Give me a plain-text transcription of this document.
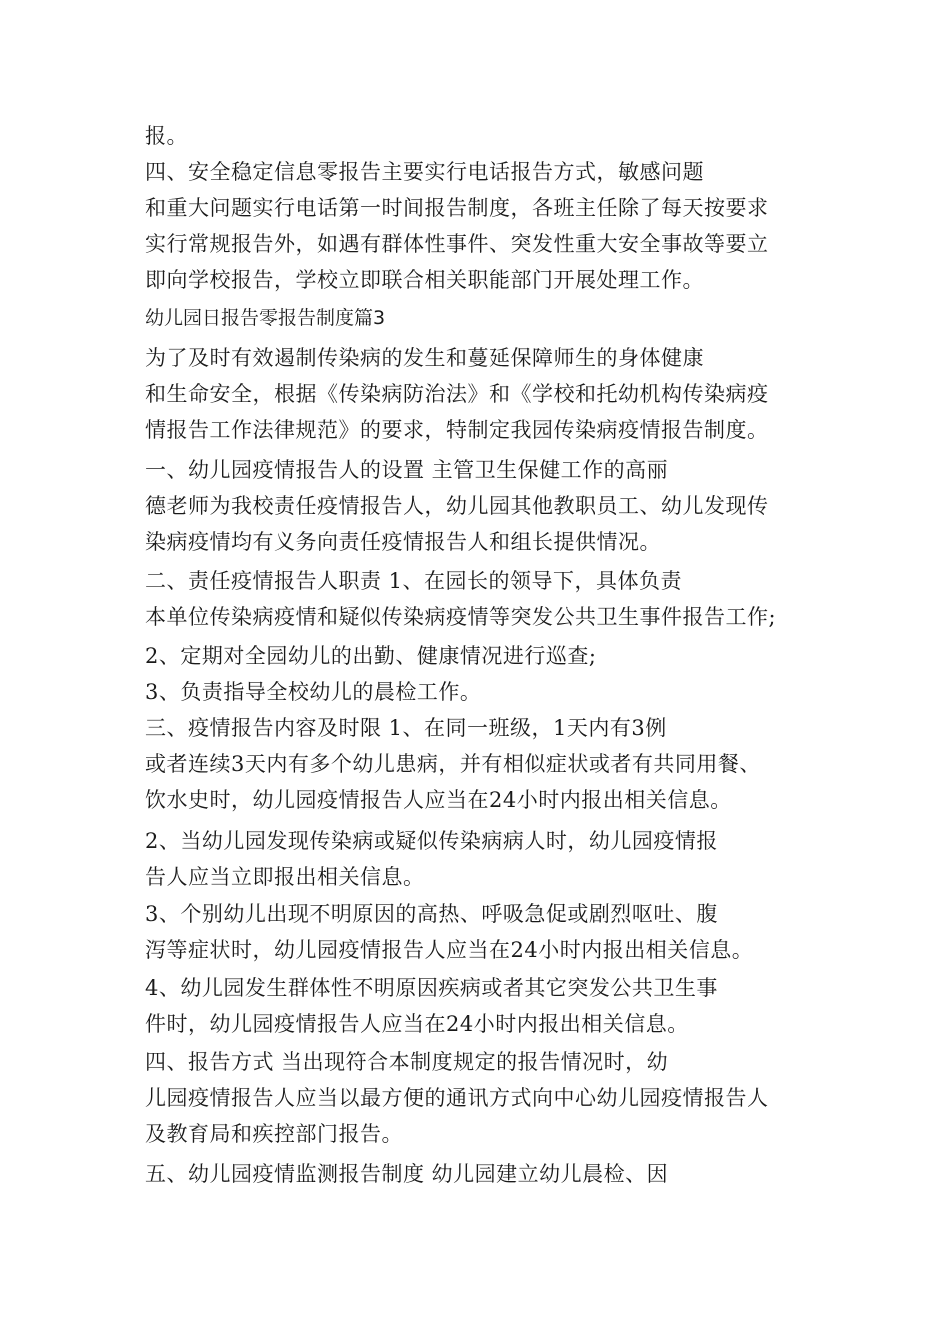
报。
四、安全稳定信息零报告主要实行电话报告方式，敏感问题
和重大问题实行电话第一时间报告制度，各班主任除了每天按要求
实行常规报告外，如遇有群体性事件、突发性重大安全事故等要立
即向学校报告，学校立即联合相关职能部门开展处理工作。
幼儿园日报告零报告制度篇3
为了及时有效遏制传染病的发生和蔓延保障师生的身体健康
和生命安全，根据《传染病防治法》和《学校和托幼机构传染病疫
情报告工作法律规范》的要求，特制定我园传染病疫情报告制度。
一、幼儿园疫情报告人的设置 主管卫生保健工作的高丽
德老师为我校责任疫情报告人，幼儿园其他教职员工、幼儿发现传
染病疫情均有义务向责任疫情报告人和组长提供情况。
二、责任疫情报告人职责 1、在园长的领导下，具体负责
本单位传染病疫情和疑似传染病疫情等突发公共卫生事件报告工作;
2、定期对全园幼儿的出勤、健康情况进行巡查;
3、负责指导全校幼儿的晨检工作。
三、疫情报告内容及时限 1、在同一班级，1天内有3例
或者连续3天内有多个幼儿患病，并有相似症状或者有共同用餐、
饮水史时，幼儿园疫情报告人应当在24小时内报出相关信息。
2、当幼儿园发现传染病或疑似传染病病人时，幼儿园疫情报
告人应当立即报出相关信息。
3、个别幼儿出现不明原因的高热、呼吸急促或剧烈呕吐、腹
泻等症状时，幼儿园疫情报告人应当在24小时内报出相关信息。
4、幼儿园发生群体性不明原因疾病或者其它突发公共卫生事
件时，幼儿园疫情报告人应当在24小时内报出相关信息。
四、报告方式 当出现符合本制度规定的报告情况时，幼
儿园疫情报告人应当以最方便的通讯方式向中心幼儿园疫情报告人
及教育局和疾控部门报告。
五、幼儿园疫情监测报告制度 幼儿园建立幼儿晨检、因
